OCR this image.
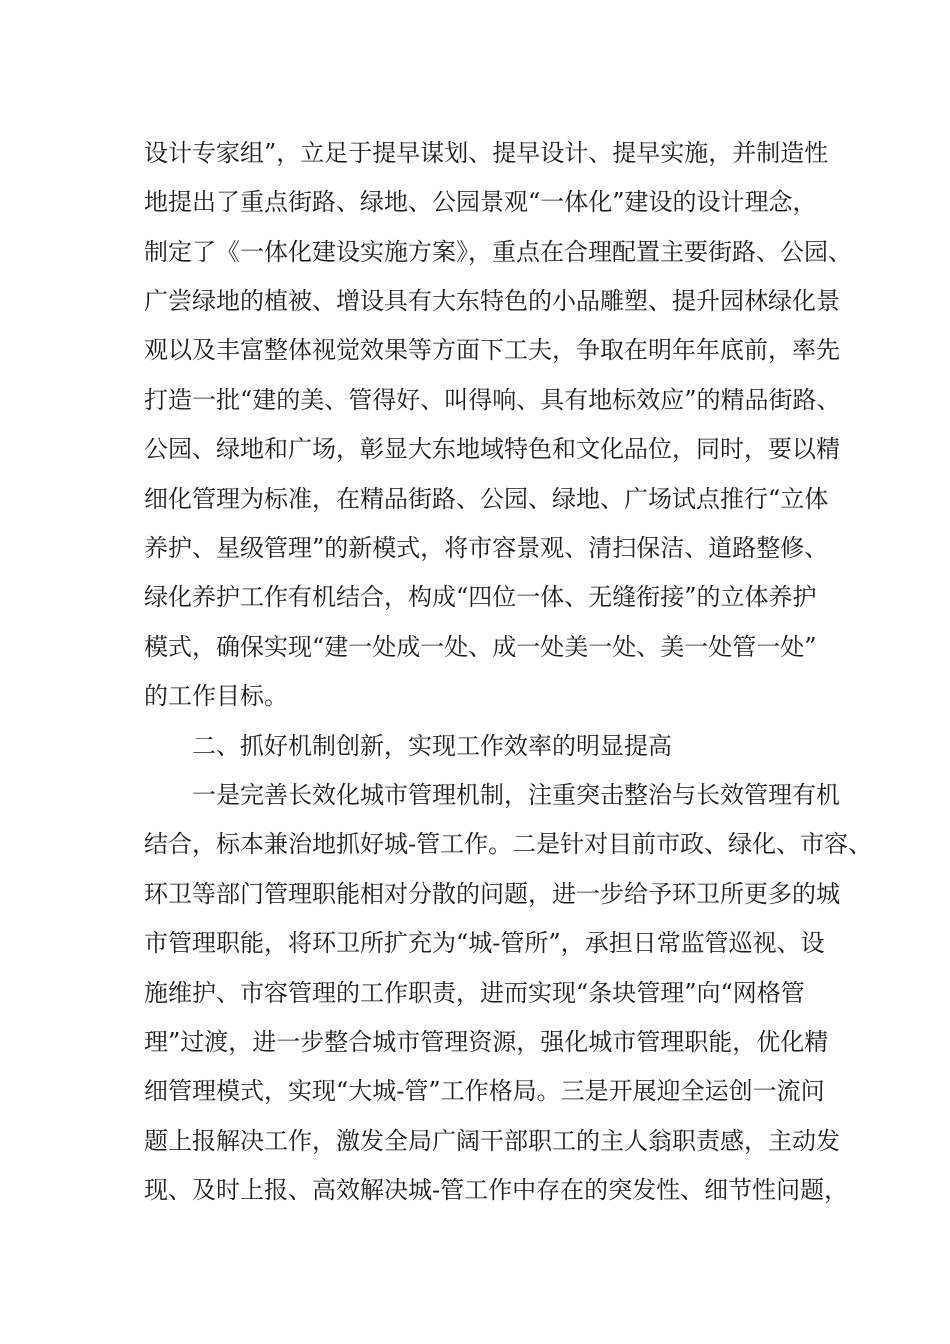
设计专家组”，立足于提早谋划、提早设计、提早实施，并制造性
地提出了重点街路、绿地、公园景观“一体化”建设的设计理念，
制定了《一体化建设实施方案》，重点在合理配置主要街路、公园、
广尝绿地的植被、增设具有大东特色的小品雕塑、提升园林绿化景
观以及丰富整体视觉效果等方面下工夫，争取在明年年底前，率先
打造一批“建的美、管得好、叫得响、具有地标效应”的精品街路、
公园、绿地和广场，彰显大东地域特色和文化品位，同时，要以精
细化管理为标准，在精品街路、公园、绿地、广场试点推行“立体
养护、星级管理”的新模式，将市容景观、清扫保洁、道路整修、
绿化养护工作有机结合，构成“四位一体、无缝衔接”的立体养护
模式，确保实现“建一处成一处、成一处美一处、美一处管一处”
的工作目标。
二、抓好机制创新，实现工作效率的明显提高
一是完善长效化城市管理机制，注重突击整治与长效管理有机
结合，标本兼治地抓好城-管工作。二是针对目前市政、绿化、市容、
环卫等部门管理职能相对分散的问题，进一步给予环卫所更多的城
市管理职能，将环卫所扩充为“城-管所”，承担日常监管巡视、设
施维护、市容管理的工作职责，进而实现“条块管理”向“网格管
理”过渡，进一步整合城市管理资源，强化城市管理职能，优化精
细管理模式，实现“大城-管”工作格局。三是开展迎全运创一流问
题上报解决工作，激发全局广阔干部职工的主人翁职责感，主动发
现、及时上报、高效解决城-管工作中存在的突发性、细节性问题，
